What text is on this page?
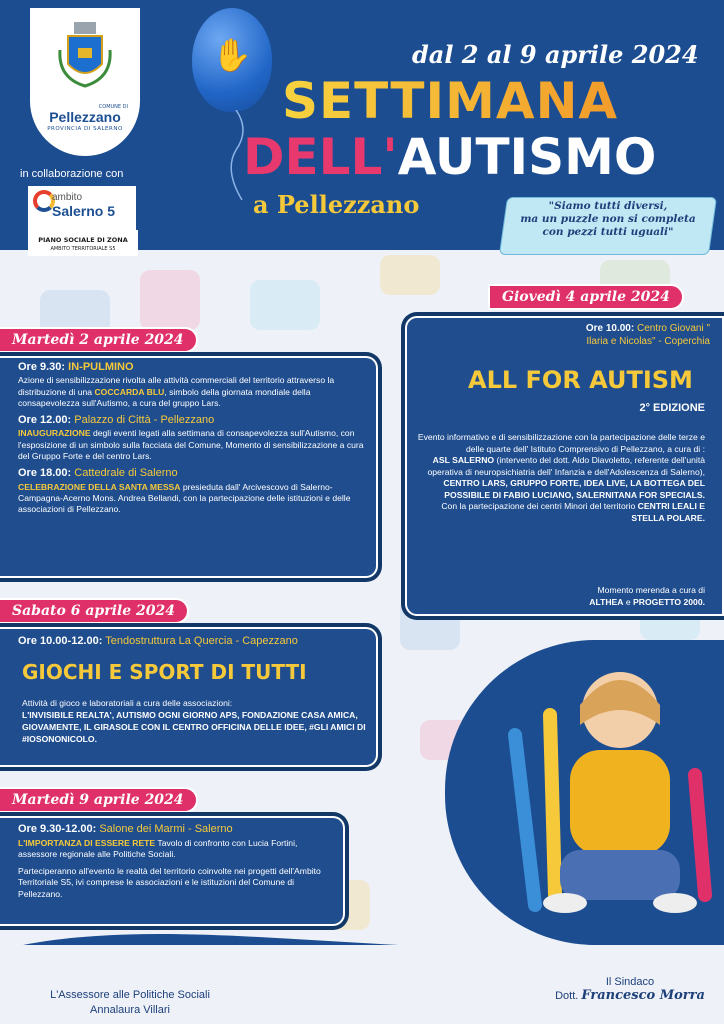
COMUNE DI
Pellezzano
PROVINCIA DI SALERNO
in collaborazione con
ambito
Salerno 5
PIANO SOCIALE DI ZONA
AMBITO TERRITORIALE S5
✋	dal 2 al 9 aprile 2024
SETTIMANA
DELL'AUTISMO
a Pellezzano	"Siamo tutti diversi,
ma un puzzle non si completa
con pezzi tutti uguali"
Giovedì 4 aprile 2024
Ore 10.00: Centro Giovani "
Ilaria e Nicolas" - Coperchia
ALL FOR AUTISM
2° EDIZIONE
Evento informativo e di sensibilizzazione con la partecipazione delle terze e delle quarte dell' Istituto Comprensivo di Pellezzano, a cura di :
ASL SALERNO (intervento del dott. Aldo Diavoletto, referente dell'unità operativa di neuropsichiatria dell' Infanzia e dell'Adolescenza di Salerno),
CENTRO LARS, GRUPPO FORTE, IDEA LIVE, LA BOTTEGA DEL POSSIBILE DI FABIO LUCIANO, SALERNITANA FOR SPECIALS.
Con la partecipazione dei centri Minori del territorio CENTRI LEALI E STELLA POLARE.
Momento merenda a cura di
ALTHEA e PROGETTO 2000.
Martedì 2 aprile 2024
Ore 9.30: IN-PULMINO
Azione di sensibilizzazione rivolta alle attività commerciali del territorio attraverso la distribuzione di una COCCARDA BLU, simbolo della giornata mondiale della consapevolezza sull'Autismo, a cura del gruppo Lars.
Ore 12.00: Palazzo di Città - Pellezzano
INAUGURAZIONE degli eventi legati alla settimana di consapevolezza sull'Autismo, con l'esposizione di un simbolo sulla facciata del Comune, Momento di sensibilizzazione a cura del Gruppo Forte e del centro Lars.
Ore 18.00: Cattedrale di Salerno
CELEBRAZIONE DELLA SANTA MESSA presieduta dall' Arcivescovo di Salerno-Campagna-Acerno Mons. Andrea Bellandi, con la partecipazione delle istituzioni e delle associazioni di Pellezzano.
Sabato 6 aprile 2024
Ore 10.00-12.00: Tendostruttura La Quercia - Capezzano
GIOCHI E SPORT DI TUTTI
Attività di gioco e laboratoriali a cura delle associazioni:
L'INVISIBILE REALTA', AUTISMO OGNI GIORNO APS, FONDAZIONE CASA AMICA, GIOVAMENTE, IL GIRASOLE CON IL CENTRO OFFICINA DELLE IDEE, #GLI AMICI DI #IOSONONICOLO.
Martedì 9 aprile 2024
Ore 9.30-12.00: Salone dei Marmi - Salerno
L'IMPORTANZA DI ESSERE RETE Tavolo di confronto con Lucia Fortini, assessore regionale alle Politiche Sociali.
Parteciperanno all'evento le realtà del territorio coinvolte nei progetti dell'Ambito Territoriale S5, ivi comprese le associazioni e le istituzioni del Comune di Pellezzano.
L'Assessore alle Politiche Sociali
Annalaura Villari
Il Sindaco
Dott. Francesco Morra
